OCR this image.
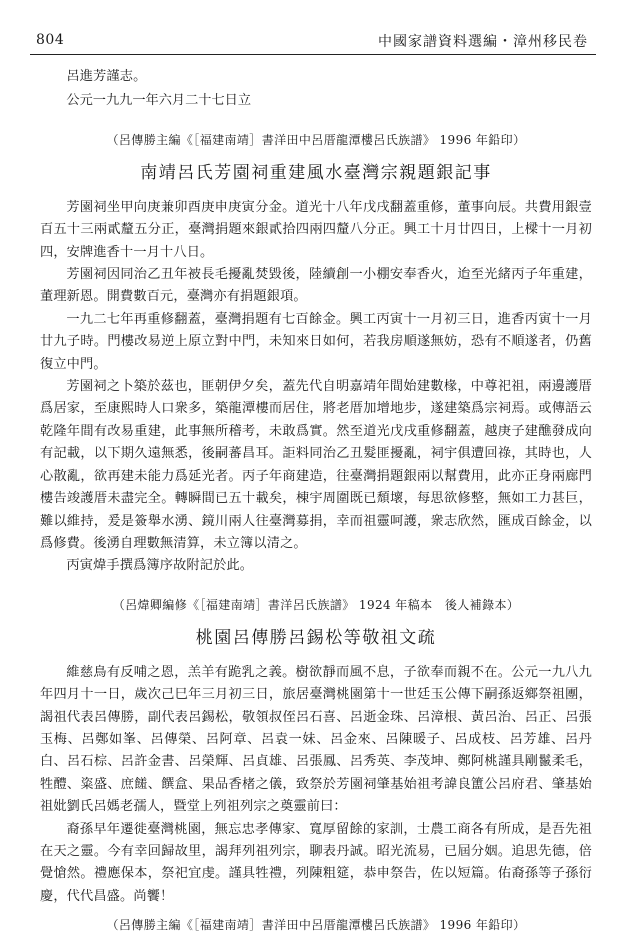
804	中國家譜資料選編・漳州移民卷

呂進芳謹志。

公元一九九一年六月二十七日立

（呂傳勝主編《［福建南靖］書洋田中呂厝龍潭樓呂氏族譜》 1996 年鉛印）
南靖呂氏芳園祠重建風水臺灣宗親題銀記事

芳園祠坐甲向庚兼卯酉庚申庚寅分金。道光十八年戊戌翻蓋重修，董事向辰。共費用銀壹百五十三兩貳釐五分正，臺灣捐題來銀貳拾四兩四釐八分正。興工十月廿四日，上樑十一月初四，安牌進香十一月十八日。

芳園祠因同治乙丑年被長毛擾亂焚毀後，陸續創一小棚安奉香火，迨至光緒丙子年重建，董理新恩。開費數百元，臺灣亦有捐題銀項。

一九二七年再重修翻蓋，臺灣捐題有七百餘金。興工丙寅十一月初三日，進香丙寅十一月廿九子時。門樓改易逆上原立對中門，未知來日如何，若我房順遂無妨，恐有不順遂者，仍舊復立中門。

芳園祠之卜築於茲也，匪朝伊夕矣，蓋先代自明嘉靖年間始建數椽，中尊祀祖，兩邊護厝爲居家，至康熙時人口衆多，築龍潭樓而居住，將老厝加增地步，遂建築爲宗祠焉。或傳語云乾隆年間有改易重建，此事無所稽考，未敢爲實。然至道光戊戌重修翻蓋，越庚子建醮發成向有記載，以下期久遠無悉，後嗣蕃昌耳。詎料同治乙丑髮匪擾亂，祠宇俱遭回祿，其時也，人心散亂，欲再建未能力爲延光者。丙子年商建造，往臺灣捐題銀兩以幫費用，此亦正身兩廊門樓告竣護厝未盡完全。轉瞬間已五十載矣，棟宇周圍既已頹壞，每思欲修整，無如工力甚巨，難以維持，爰是簽舉水湧、鏡川兩人往臺灣募捐，幸而祖靈呵護，衆志欣然，匯成百餘金，以爲修費。後湧自理數無清算，未立簿以清之。

丙寅煒手撰爲簿序故附記於此。

（呂煒卿編修《［福建南靖］書洋呂氏族譜》 1924 年稿本　後人補錄本）
桃園呂傳勝呂錫松等敬祖文疏

維慈鳥有反哺之恩，羔羊有跪乳之義。樹欲靜而風不息，子欲奉而親不在。公元一九八九年四月十一日，歲次己巳年三月初三日，旅居臺灣桃園第十一世廷玉公傳下嗣孫返鄉祭祖團，謁祖代表呂傳勝，副代表呂錫松，敬領叔侄呂石喜、呂逝金珠、呂漳根、黃呂治、呂正、呂張玉梅、呂鄭如峯、呂傳榮、呂阿章、呂袁一妹、呂金來、呂陳暖子、呂成枝、呂芳雄、呂丹白、呂石棕、呂許金書、呂榮輝、呂貞雄、呂張鳳、呂秀英、李茂坤、鄭阿桃謹具剛鬣柔毛，牲醴、粢盛、庶饈、饌盒、果品香楮之儀，致祭於芳園祠肇基始祖考諱良簠公呂府君、肇基始祖妣劉氏呂媽老孺人，暨堂上列祖列宗之奠靈前曰：

裔孫早年遷徙臺灣桃園，無忘忠孝傳家、寬厚留餘的家訓，士農工商各有所成，是吾先祖在天之靈。今有幸回歸故里，謁拜列祖列宗，聊表丹誠。昭光流易，已屆分姻。追思先德，倍覺愴然。禮應保本，祭祀宜虔。謹具牲禮，列陳粗筵，恭申祭告，佐以短篇。佑裔孫等子孫衍慶，代代昌盛。尚饗！

（呂傳勝主編《［福建南靖］書洋田中呂厝龍潭樓呂氏族譜》 1996 年鉛印）
